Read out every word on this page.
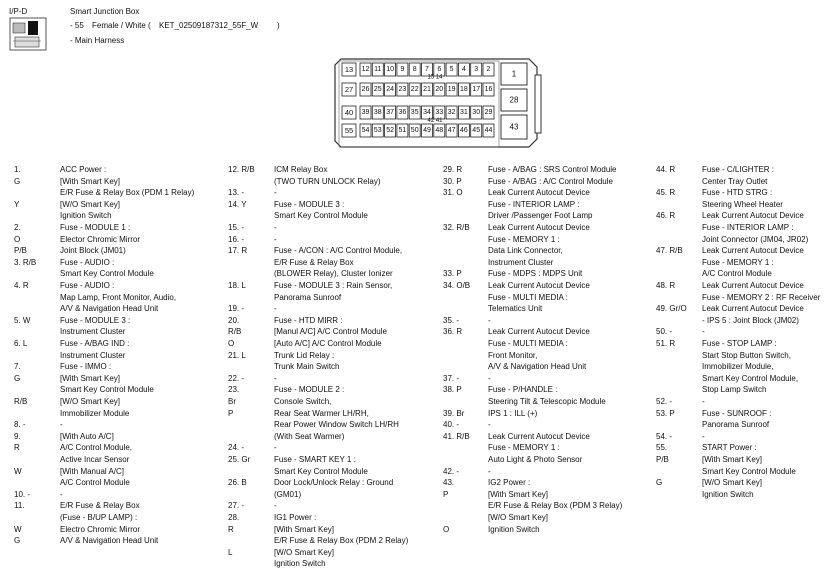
I/P-D	Smart Junction Box
- 55 Female / White ( KET_02509187312_55F_W )
- Main Harness
13 12 11 10 9 8 7 6 5 4 3 2
27 26 25 24 23 22 21 20 19 18 17 16
40 39 38 37 36 35 34 33 32 31 30 29
55 54 53 52 51 50 49 48 47 46 45 44
15 14
42 41
1
28
43
1.	ACC Power :
G	[With Smart Key]
E/R Fuse & Relay Box (PDM 1 Relay)
Y	[W/O Smart Key]
Ignition Switch
2.	Fuse - MODULE 1 :
O	Elector Chromic Mirror
P/B	Joint Block (JM01)
3. R/B	Fuse - AUDIO :
Smart Key Control Module
4. R	Fuse - AUDIO :
Map Lamp, Front Monitor, Audio,
A/V & Navigation Head Unit
5. W	Fuse - MODULE 3 :
Instrument Cluster
6. L	Fuse - A/BAG IND :
Instrument Cluster
7.	Fuse - IMMO :
G	[With Smart Key]
Smart Key Control Module
R/B	[W/O Smart Key]
Immobilizer Module
8. -	-
9.	[With Auto A/C]
R	A/C Control Module,
Active Incar Sensor
W	[With Manual A/C]
A/C Control Module
10. -	-
11.	E/R Fuse & Relay Box
(Fuse - B/UP LAMP) :
W	Electro Chromic Mirror
G	A/V & Navigation Head Unit
12. R/B ICM Relay Box
(TWO TURN UNLOCK Relay)
13. -	-
14. Y	Fuse - MODULE 3 :
Smart Key Control Module
15. -	-
16. -	-
17. R	Fuse - A/CON : A/C Control Module,
E/R Fuse & Relay Box
(BLOWER Relay), Cluster Ionizer
18. L	Fuse - MODULE 3 : Rain Sensor,
Panorama Sunroof
19. -	-
20.	Fuse - HTD MIRR :
R/B	[Manul A/C] A/C Control Module
O	[Auto A/C] A/C Control Module
21. L	Trunk Lid Relay :
Trunk Main Switch
22. -	-
23.	Fuse - MODULE 2 :
Br	Console Switch,
P	Rear Seat Warmer LH/RH,
Rear Power Window Switch LH/RH
(With Seat Warmer)
24. -	-
25. Gr	Fuse - SMART KEY 1 :
Smart Key Control Module
26. B	Door Lock/Unlock Relay : Ground
(GM01)
27. -	-
28.	IG1 Power :
R	[With Smart Key]
E/R Fuse & Relay Box (PDM 2 Relay)
L	[W/O Smart Key]
Ignition Switch
29. R	Fuse - A/BAG : SRS Control Module
30. P	Fuse - A/BAG : A/C Control Module
31. O	Leak Current Autocut Device
Fuse - INTERIOR LAMP :
Driver /Passenger Foot Lamp
32. R/B Leak Current Autocut Device
Fuse - MEMORY 1 :
Data Link Connector,
Instrument Cluster
33. P	Fuse - MDPS : MDPS Unit
34. O/B Leak Current Autocut Device
Fuse - MULTI MEDIA :
Telematics Unit
35. -	-
36. R	Leak Current Autocut Device
Fuse - MULTI MEDIA :
Front Monitor,
A/V & Navigation Head Unit
37. -	-
38. P	Fuse - P/HANDLE :
Steering Tilt & Telescopic Module
39. Br	IPS 1 : ILL (+)
40. -	-
41. R/B Leak Current Autocut Device
Fuse - MEMORY 1 :
Auto Light & Photo Sensor
42. -	-
43.	IG2 Power :
P	[With Smart Key]
E/R Fuse & Relay Box (PDM 3 Relay)
[W/O Smart Key]
O	Ignition Switch
44. R	Fuse - C/LIGHTER :
Center Tray Outlet
45. R	Fuse - HTD STRG :
Steering Wheel Heater
46. R	Leak Current Autocut Device
Fuse - INTERIOR LAMP :
Joint Connector (JM04, JR02)
47. R/B Leak Current Autocut Device
Fuse - MEMORY 1 :
A/C Control Module
48. R	Leak Current Autocut Device
Fuse - MEMORY 2 : RF Receiver
49. Gr/O Leak Current Autocut Device
- IPS 5 : Joint Block (JM02)
50. -	-
51. R	Fuse - STOP LAMP :
Start Stop Button Switch,
Immobilizer Module,
Smart Key Control Module,
Stop Lamp Switch
52. -	-
53. P	Fuse - SUNROOF :
Panorama Sunroof
54. -	-
55.	START Power :
P/B	[With Smart Key]
Smart Key Control Module
G	[W/O Smart Key]
Ignition Switch
